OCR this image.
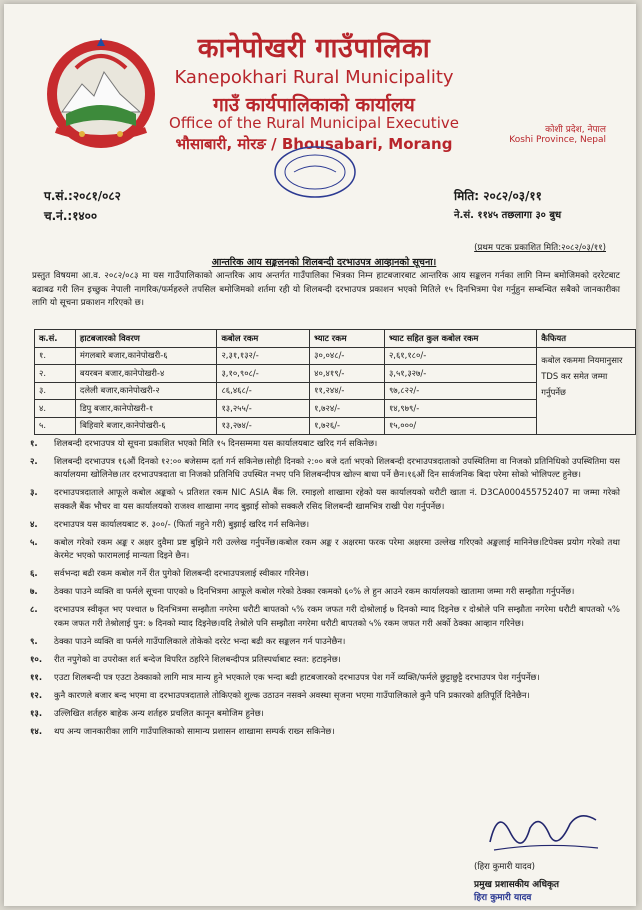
कानेपोखरी गाउँपालिका
Kanepokhari Rural Municipality
गाउँ कार्यपालिकाको कार्यालय
Office of the Rural Municipal Executive
भौसाबारी, मोरङ / Bhousabari, Morang
कोशी प्रदेश, नेपाल
Koshi Province, Nepal
प.सं.:२०८१/०८२
च.नं.:१४००
मिति: २०८२/०३/११
ने.सं. ११४५ तछलागा ३० बुध
(प्रथम पटक प्रकाशित मिति:२०८२/०३/११)
आन्तरिक आय सङ्कलनको शिलबन्दी दरभाउपत्र आव्हानको सूचना।
प्रस्तुत विषयमा आ.व. २०८२/०८३ मा यस गाउँपालिकाको आन्तरिक आय अन्तर्गत गाउँपालिका भित्रका निम्न हाटबजारबाट आन्तरिक आय सङ्कलन गर्नका लागि निम्न बमोजिमको दररेटबाट बढाबढ गरी लिन इच्छुक नेपाली नागरिक/फर्महरुले तपसिल बमोजिमको शर्तमा रही यो शिलबन्दी दरभाउपत्र प्रकाशन भएको मितिले १५ दिनभित्रमा पेश गर्नुहुन सम्बन्धित सबैको जानकारीका लागि यो सूचना प्रकाशन गरिएको छ।
क.सं.	हाटबजारको विवरण	कबोल रकम	भ्याट रकम	भ्याट सहित कुल कबोल रकम	कैफियत
१.	मंगलबारे बजार,कानेपोखरी-६	२,३१,१३२/-	३०,०४८/-	२,६१,१८०/-	कबोल रकममा नियमानुसार TDS कर समेत जम्मा गर्नुपर्नेछ
२.	बयरबन बजार,कानेपोखरी-४	३,१०,९०८/-	४०,४१९/-	३,५१,३२७/-	
३.	दलेली बजार,कानेपोखरी-२	८६,४६८/-	११,२४४/-	९७,८२२/-	
४.	डिपु बजार,कानेपोखरी-१	१३,२५५/-	१,७२४/-	१४,९७९/-	
५.	बिहिवारे बजार,कानेपोखरी-६	१३,२७४/-	१,७२६/-	१५,०००/	
१.	शिलबन्दी दरभाउपत्र यो सूचना प्रकाशित भएको मिति १५ दिनसम्ममा यस कार्यालयबाट खरिद गर्न सकिनेछ।
२.	शिलबन्दी दरभाउपत्र १६औं दिनको १२:०० बजेसम्म दर्ता गर्न सकिनेछ।सोही दिनको २:०० बजे दर्ता भएको शिलबन्दी दरभाउपत्रदाताको उपस्थितिमा वा निजको प्रतिनिधिको उपस्थितिमा यस कार्यालयमा खोलिनेछ।तर दरभाउपत्रदाता वा निजको प्रतिनिधि उपस्थित नभए पनि शिलबन्दीपत्र खोल्न बाधा पर्ने छैन।१६औं दिन सार्वजनिक बिदा परेमा सोको भोलिपल्ट हुनेछ।
३.	दरभाउपत्रदाताले आफूले कबोल अङ्कको ५ प्रतिशत रकम NIC ASIA बैंक लि. रमाइलो शाखामा रहेको यस कार्यालयको धरौटी खाता नं. D3CA000455752407 मा जम्मा गरेको सक्कलै बैंक भौचर वा यस कार्यालयको राजश्व शाखामा नगद बुझाई सोको सक्कलै रसिद शिलबन्दी खामभित्र राखी पेश गर्नुपर्नेछ।
४.	दरभाउपत्र यस कार्यालयबाट रु. ३००/- (फिर्ता नहुने गरी) बुझाई खरिद गर्न सकिनेछ।
५.	कबोल गरेको रकम अङ्क र अक्षर दुवैमा प्रष्ट बुझिने गरी उल्लेख गर्नुपर्नेछ।कबोल रकम अङ्क र अक्षरमा फरक परेमा अक्षरमा उल्लेख गरिएको अङ्कलाई मानिनेछ।टिपेक्स प्रयोग गरेको तथा केरमेट भएको फारामलाई मान्यता दिइने छैन।
६.	सर्वभन्दा बढी रकम कबोल गर्ने रीत पुगेको शिलबन्दी दरभाउपत्रलाई स्वीकार गरिनेछ।
७.	ठेक्का पाउने व्यक्ति वा फर्मले सूचना पाएको ७ दिनभित्रमा आफूले कबोल गरेको ठेक्का रकमको ६०% ले हुन आउने रकम कार्यालयको खातामा जम्मा गरी सम्झौता गर्नुपर्नेछ।
८.	दरभाउपत्र स्वीकृत भए पश्चात ७ दिनभित्रमा सम्झौता नगरेमा धरौटी बापतको ५% रकम जफत गरी दोश्रोलाई ७ दिनको म्याद दिइनेछ र दोश्रोले पनि सम्झौता नगरेमा धरौटी बापतको ५% रकम जफत गरी तेश्रोलाई पुन: ७ दिनको म्याद दिइनेछ।यदि तेश्रोले पनि सम्झौता नगरेमा धरौटी बापतको ५% रकम जफत गरी अर्को ठेक्का आव्हान गरिनेछ।
९.	ठेक्का पाउने व्यक्ति वा फर्मले गाउँपालिकाले तोकेको दररेट भन्दा बढी कर सङ्कलन गर्न पाउनेछैन।
१०.	रीत नपुगेको वा उपरोक्त शर्त बन्देज विपरित ठहरिने शिलबन्दीपत्र प्रतिस्पर्धाबाट स्वत: हटाइनेछ।
११.	एउटा शिलबन्दी पत्र एउटा ठेक्काको लागि मात्र मान्य हुने भएकाले एक भन्दा बढी हाटबजारको दरभाउपत्र पेश गर्ने व्यक्ति/फर्मले छुट्टाछुट्टै दरभाउपत्र पेश गर्नुपर्नेछ।
१२.	कुनै कारणले बजार बन्द भएमा वा दरभाउपत्रदाताले तोकिएको शुल्क उठाउन नसक्ने अवस्था सृजना भएमा गाउँपालिकाले कुनै पनि प्रकारको क्षतिपूर्ति दिनेछैन।
१३.	उल्लिखित शर्तहरु बाहेक अन्य शर्तहरु प्रचलित कानून बमोजिम हुनेछ।
१४.	थप अन्य जानकारीका लागि गाउँपालिकाको सामान्य प्रशासन शाखामा सम्पर्क राख्न सकिनेछ।
(हिरा कुमारी यादव)
प्रमुख प्रशासकीय अधिकृत
हिरा कुमारी यादव
